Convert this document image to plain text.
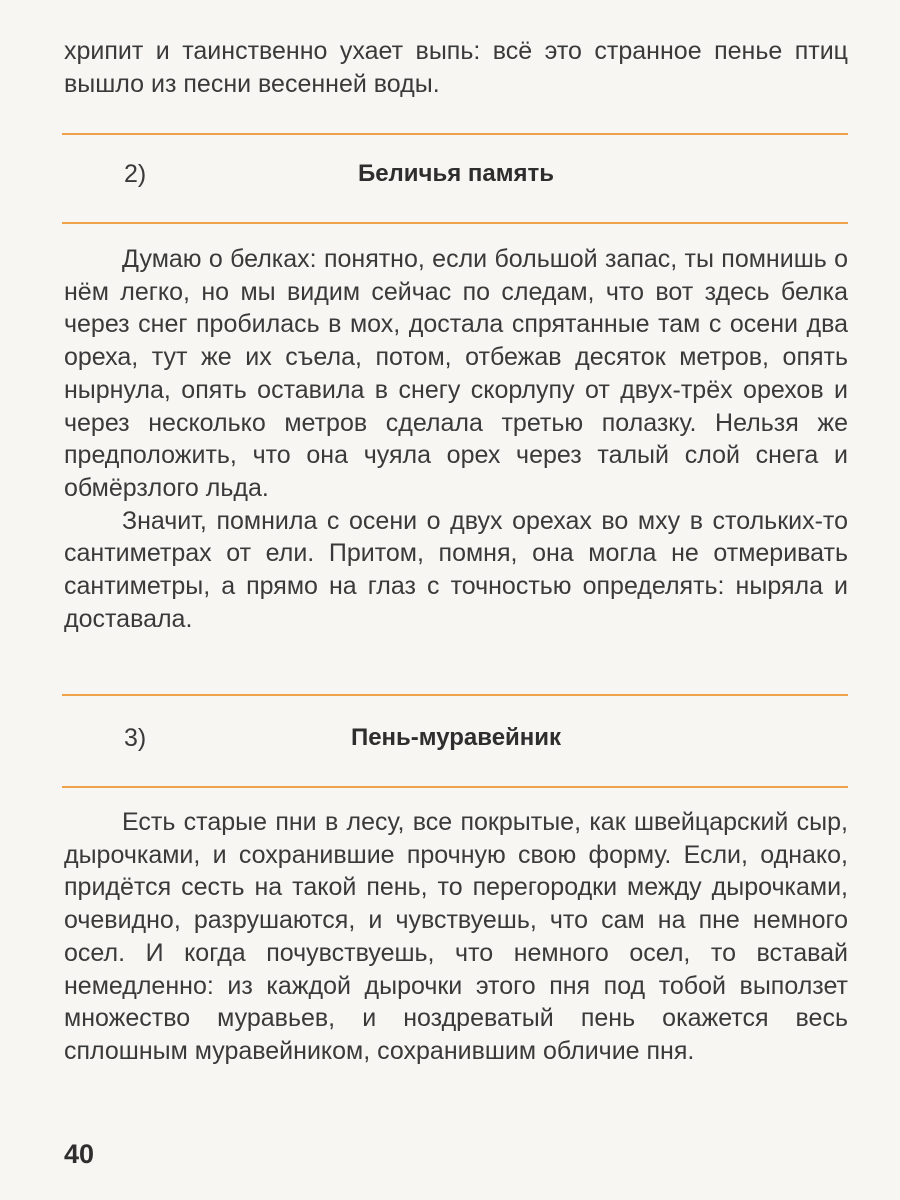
хрипит и таинственно ухает выпь: всё это странное пенье птиц вышло из песни весенней воды.

2)	Беличья память

Думаю о белках: понятно, если большой запас, ты помнишь о нём легко, но мы видим сейчас по следам, что вот здесь белка через снег пробилась в мох, достала спрятанные там с осени два ореха, тут же их съела, потом, отбежав десяток метров, опять нырнула, опять оставила в снегу скорлупу от двух-трёх орехов и через несколько метров сделала третью полазку. Нельзя же предположить, что она чуяла орех через талый слой снега и обмёрзлого льда.

Значит, помнила с осени о двух орехах во мху в стольких-то сантиметрах от ели. Притом, помня, она могла не отмеривать сантиметры, а прямо на глаз с точностью определять: ныряла и доставала.

3)	Пень-муравейник

Есть старые пни в лесу, все покрытые, как швейцарский сыр, дырочками, и сохранившие прочную свою форму. Если, однако, придётся сесть на такой пень, то перегородки между дырочками, очевидно, разрушаются, и чувствуешь, что сам на пне немного осел. И когда почувствуешь, что немного осел, то вставай немедленно: из каждой дырочки этого пня под тобой выползет множество муравьев, и ноздреватый пень окажется весь сплошным муравейником, сохранившим обличие пня.

40
